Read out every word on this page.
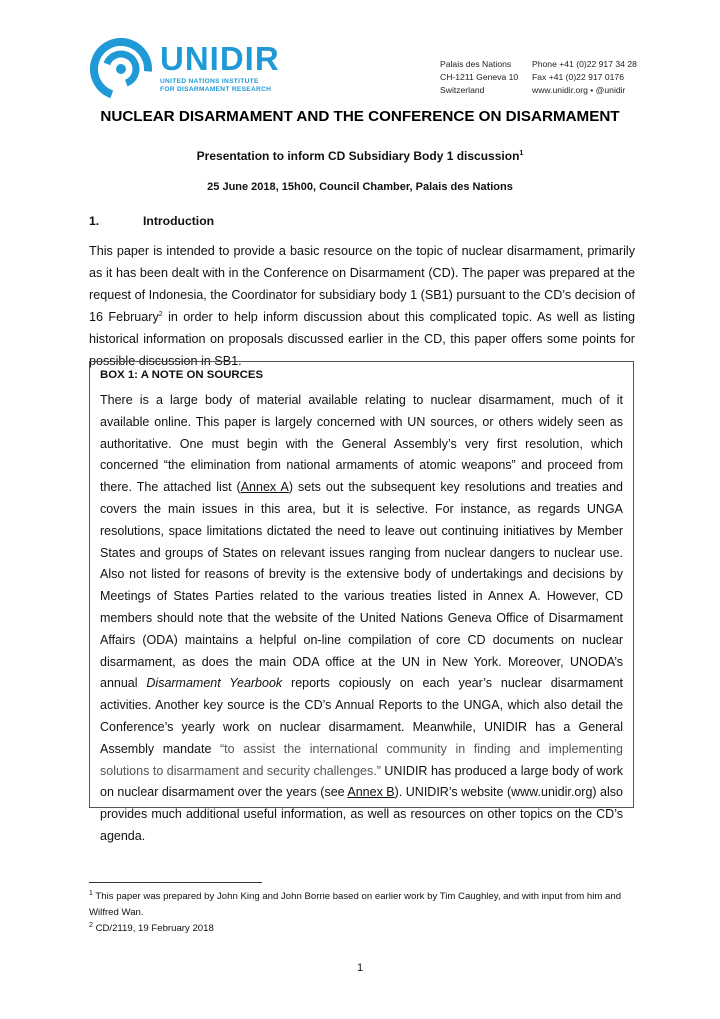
UNIDIR
UNITED NATIONS INSTITUTE
FOR DISARMAMENT RESEARCH
Palais des Nations
CH-1211 Geneva 10
Switzerland
Phone +41 (0)22 917 34 28
Fax +41 (0)22 917 0176
www.unidir.org • @unidir
NUCLEAR DISARMAMENT AND THE CONFERENCE ON DISARMAMENT
Presentation to inform CD Subsidiary Body 1 discussion$^1$
25 June 2018, 15h00, Council Chamber, Palais des Nations
1.	Introduction

This paper is intended to provide a basic resource on the topic of nuclear disarmament, primarily as it has been dealt with in the Conference on Disarmament (CD). The paper was prepared at the request of Indonesia, the Coordinator for subsidiary body 1 (SB1) pursuant to the CD’s decision of 16 February$^2$ in order to help inform discussion about this complicated topic. As well as listing historical information on proposals discussed earlier in the CD, this paper offers some points for possible discussion in SB1.

BOX 1: A NOTE ON SOURCES

There is a large body of material available relating to nuclear disarmament, much of it available online. This paper is largely concerned with UN sources, or others widely seen as authoritative. One must begin with the General Assembly’s very first resolution, which concerned “the elimination from national armaments of atomic weapons” and proceed from there. The attached list (Annex A) sets out the subsequent key resolutions and treaties and covers the main issues in this area, but it is selective. For instance, as regards UNGA resolutions, space limitations dictated the need to leave out continuing initiatives by Member States and groups of States on relevant issues ranging from nuclear dangers to nuclear use. Also not listed for reasons of brevity is the extensive body of undertakings and decisions by Meetings of States Parties related to the various treaties listed in Annex A. However, CD members should note that the website of the United Nations Geneva Office of Disarmament Affairs (ODA) maintains a helpful on-line compilation of core CD documents on nuclear disarmament, as does the main ODA office at the UN in New York. Moreover, UNODA’s annual Disarmament Yearbook reports copiously on each year’s nuclear disarmament activities. Another key source is the CD’s Annual Reports to the UNGA, which also detail the Conference’s yearly work on nuclear disarmament. Meanwhile, UNIDIR has a General Assembly mandate “to assist the international community in finding and implementing solutions to disarmament and security challenges.” UNIDIR has produced a large body of work on nuclear disarmament over the years (see Annex B). UNIDIR’s website (www.unidir.org) also provides much additional useful information, as well as resources on other topics on the CD’s agenda.

$^1$ This paper was prepared by John King and John Borrie based on earlier work by Tim Caughley, and with input from him and Wilfred Wan.
$^2$ CD/2119, 19 February 2018
1
